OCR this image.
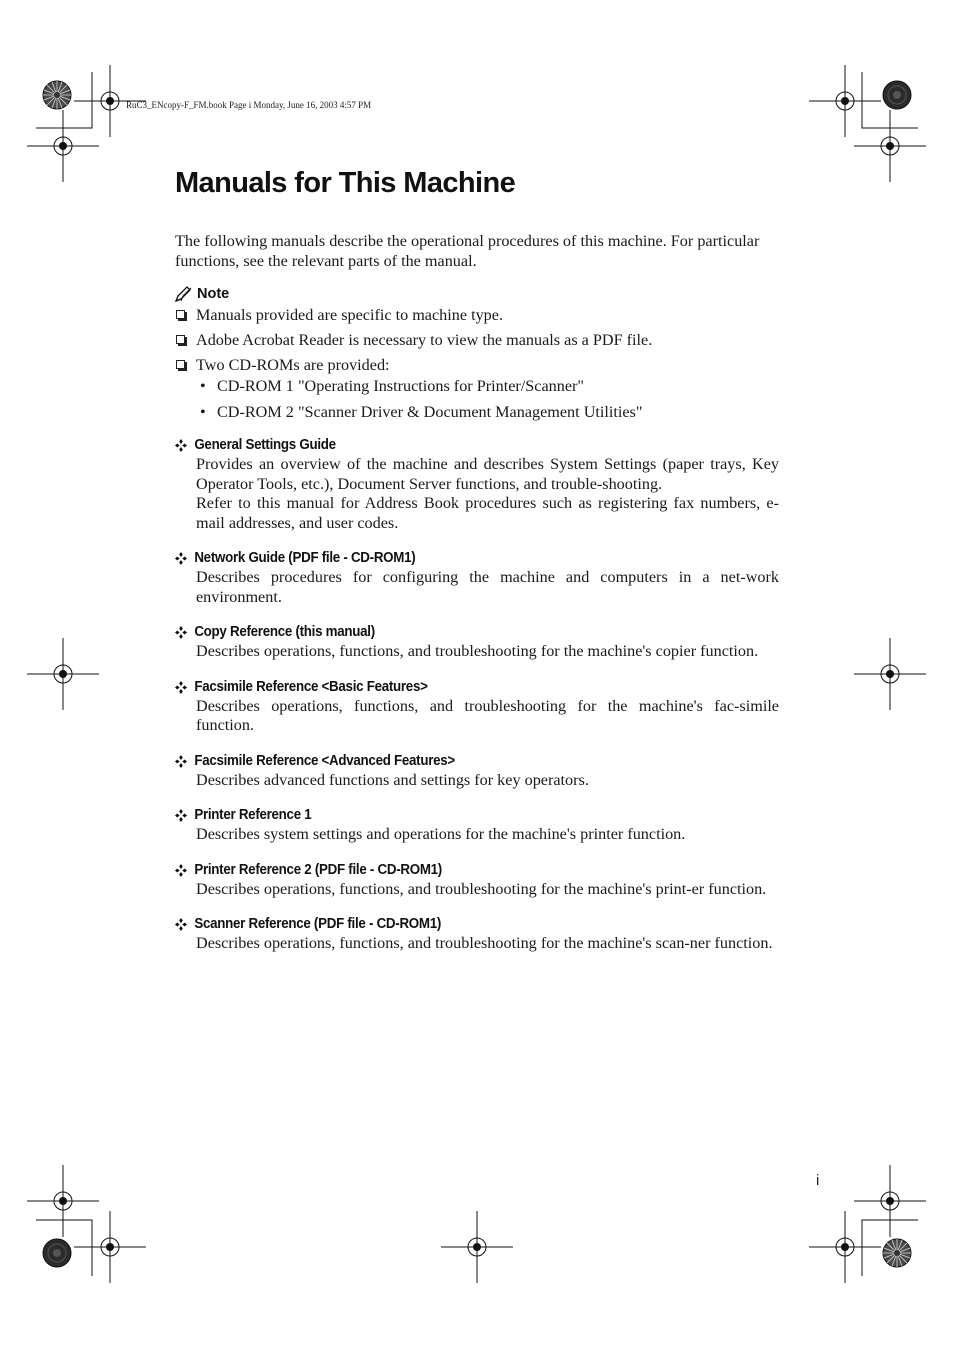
RuC3_ENcopy-F_FM.book Page i Monday, June 16, 2003 4:57 PM
Manuals for This Machine

The following manuals describe the operational procedures of this machine. For particular functions, see the relevant parts of the manual.

Note
Manuals provided are specific to machine type.
Adobe Acrobat Reader is necessary to view the manuals as a PDF file.
Two CD-ROMs are provided:
• CD-ROM 1 "Operating Instructions for Printer/Scanner"
• CD-ROM 2 "Scanner Driver & Document Management Utilities"
General Settings Guide

Provides an overview of the machine and describes System Settings (paper trays, Key Operator Tools, etc.), Document Server functions, and trouble-shooting.

Refer to this manual for Address Book procedures such as registering fax numbers, e-mail addresses, and user codes.

Network Guide (PDF file - CD-ROM1)

Describes procedures for configuring the machine and computers in a net-work environment.

Copy Reference (this manual)

Describes operations, functions, and troubleshooting for the machine's copier function.

Facsimile Reference <Basic Features>

Describes operations, functions, and troubleshooting for the machine's fac-simile function.

Facsimile Reference <Advanced Features>

Describes advanced functions and settings for key operators.

Printer Reference 1

Describes system settings and operations for the machine's printer function.

Printer Reference 2 (PDF file - CD-ROM1)

Describes operations, functions, and troubleshooting for the machine's print-er function.

Scanner Reference (PDF file - CD-ROM1)

Describes operations, functions, and troubleshooting for the machine's scan-ner function.

i
